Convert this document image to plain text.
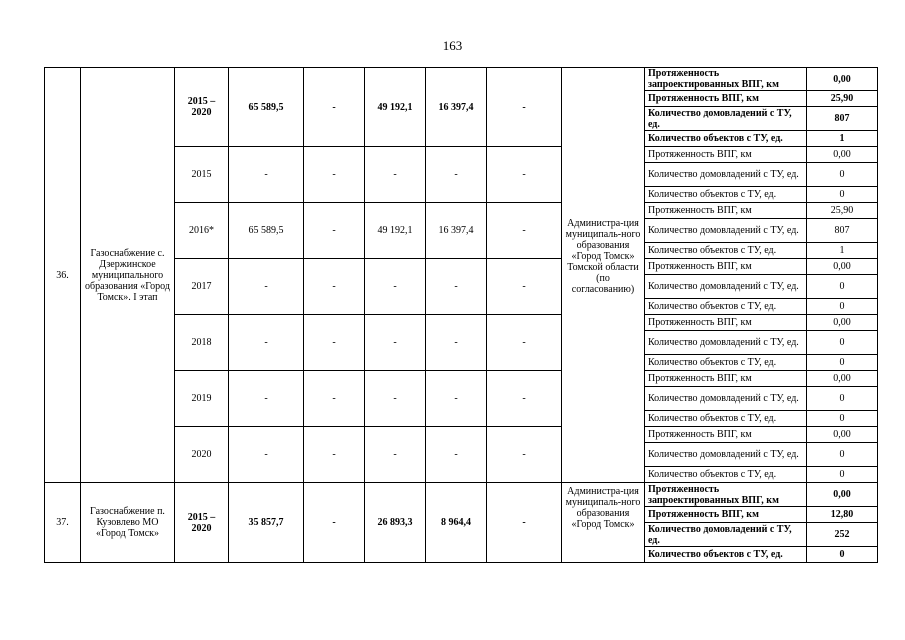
163
36.	Газоснабжение с. Дзержинское муниципального образования «Город Томск». I этап	2015 – 2020	65 589,5	-	49 192,1	16 397,4	-	Администра-ция муниципаль-ного образования «Город Томск» Томской области (по согласованию)	Протяженность запроектированных ВПГ, км	0,00
									Протяженность ВПГ, км	25,90
									Количество домовладений с ТУ, ед.	807
									Количество объектов с ТУ, ед.	1
		2015	-	-	-	-	-		Протяженность ВПГ, км	0,00
									Количество домовладений с ТУ, ед.	0
									Количество объектов с ТУ, ед.	0
		2016*	65 589,5	-	49 192,1	16 397,4	-		Протяженность ВПГ, км	25,90
									Количество домовладений с ТУ, ед.	807
									Количество объектов с ТУ, ед.	1
		2017	-	-	-	-	-		Протяженность ВПГ, км	0,00
									Количество домовладений с ТУ, ед.	0
									Количество объектов с ТУ, ед.	0
		2018	-	-	-	-	-		Протяженность ВПГ, км	0,00
									Количество домовладений с ТУ, ед.	0
									Количество объектов с ТУ, ед.	0
		2019	-	-	-	-	-		Протяженность ВПГ, км	0,00
									Количество домовладений с ТУ, ед.	0
									Количество объектов с ТУ, ед.	0
		2020	-	-	-	-	-		Протяженность ВПГ, км	0,00
									Количество домовладений с ТУ, ед.	0
									Количество объектов с ТУ, ед.	0
37.	Газоснабжение п. Кузовлево МО «Город Томск»	2015 – 2020	35 857,7	-	26 893,3	8 964,4	-	Администра-ция муниципаль-ного образования «Город Томск»	Протяженность запроектированных ВПГ, км	0,00
									Протяженность ВПГ, км	12,80
									Количество домовладений с ТУ, ед.	252
									Количество объектов с ТУ, ед.	0
